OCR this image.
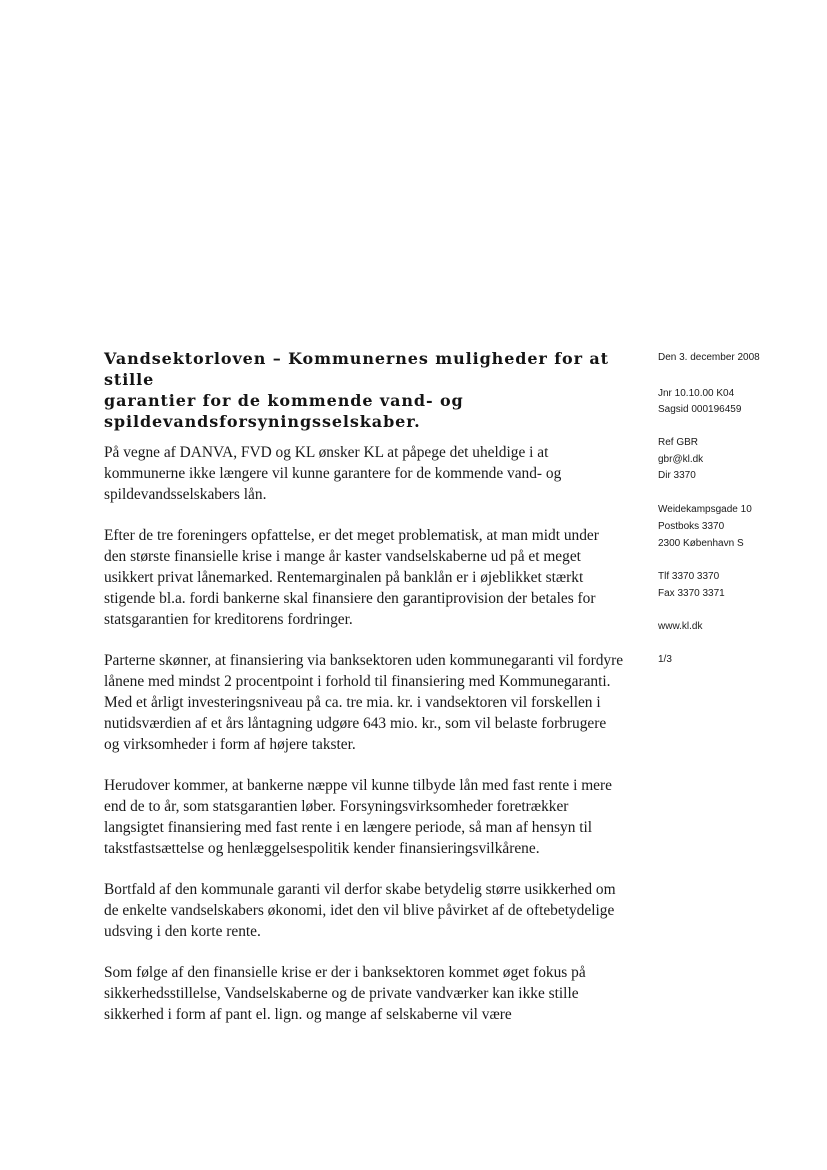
Vandsektorloven – Kommunernes muligheder for at stille
garantier for de kommende vand- og
spildevandsforsyningsselskaber.

På vegne af DANVA, FVD og KL ønsker KL at påpege det uheldige i at kommunerne ikke længere vil kunne garantere for de kommende vand- og spildevandsselskabers lån.

Efter de tre foreningers opfattelse, er det meget problematisk, at man midt under den største finansielle krise i mange år kaster vandselskaberne ud på et meget usikkert privat lånemarked. Rentemarginalen på banklån er i øjeblikket stærkt stigende bl.a. fordi bankerne skal finansiere den garantiprovision der betales for statsgarantien for kreditorens fordringer.

Parterne skønner, at finansiering via banksektoren uden kommunegaranti vil fordyre lånene med mindst 2 procentpoint i forhold til finansiering med Kommunegaranti. Med et årligt investeringsniveau på ca. tre mia. kr. i vandsektoren vil forskellen i nutidsværdien af et års låntagning udgøre 643 mio. kr., som vil belaste forbrugere og virksomheder i form af højere takster.

Herudover kommer, at bankerne næppe vil kunne tilbyde lån med fast rente i mere end de to år, som statsgarantien løber. Forsyningsvirksomheder foretrækker langsigtet finansiering med fast rente i en længere periode, så man af hensyn til takstfastsættelse og henlæggelsespolitik kender finansieringsvilkårene.

Bortfald af den kommunale garanti vil derfor skabe betydelig større usikkerhed om de enkelte vandselskabers økonomi, idet den vil blive påvirket af de oftebetydelige udsving i den korte rente.

Som følge af den finansielle krise er der i banksektoren kommet øget fokus på sikkerhedsstillelse, Vandselskaberne og de private vandværker kan ikke stille sikkerhed i form af pant el. lign. og mange af selskaberne vil være

Den 3. december 2008
Jnr 10.10.00 K04
Sagsid 000196459
Ref GBR
gbr@kl.dk
Dir 3370
Weidekampsgade 10
Postboks 3370
2300 København S
Tlf 3370 3370
Fax 3370 3371
www.kl.dk
1/3
